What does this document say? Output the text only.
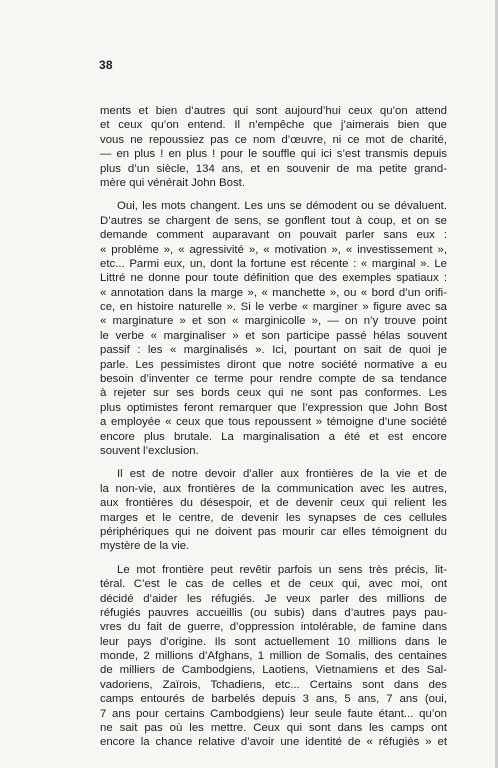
38
ments et bien d’autres qui sont aujourd’hui ceux qu’on attend
et ceux qu’on entend. Il n’empêche que j’aimerais bien que
vous ne repoussiez pas ce nom d’œuvre, ni ce mot de charité,
— en plus ! en plus ! pour le souffle qui ici s’est transmis depuis
plus d’un siècle, 134 ans, et en souvenir de ma petite grand-
mère qui vénérait John Bost.
Oui, les mots changent. Les uns se démodent ou se dévaluent.
D’autres se chargent de sens, se gonflent tout à coup, et on se
demande comment auparavant on pouvait parler sans eux :
« problème », « agressivité », « motivation », « investissement »,
etc... Parmi eux, un, dont la fortune est récente : « marginal ». Le
Littré ne donne pour toute définition que des exemples spatiaux :
« annotation dans la marge », « manchette », ou « bord d’un orifi-
ce, en histoire naturelle ». Si le verbe « marginer » figure avec sa
« marginature » et son « marginicolle », — on n’y trouve point
le verbe « marginaliser » et son participe passé hélas souvent
passif : les « marginalisés ». Ici, pourtant on sait de quoi je
parle. Les pessimistes diront que notre société normative a eu
besoin d’inventer ce terme pour rendre compte de sa tendance
à rejeter sur ses bords ceux qui ne sont pas conformes. Les
plus optimistes feront remarquer que l’expression que John Bost
a employée « ceux que tous repoussent » témoigne d’une société
encore plus brutale. La marginalisation a été et est encore
souvent l’exclusion.
Il est de notre devoir d’aller aux frontières de la vie et de
la non-vie, aux frontières de la communication avec les autres,
aux frontières du désespoir, et de devenir ceux qui relient les
marges et le centre, de devenir les synapses de ces cellules
périphériques qui ne doivent pas mourir car elles témoignent du
mystère de la vie.
Le mot frontière peut revêtir parfois un sens très précis, lit-
téral. C’est le cas de celles et de ceux qui, avec moi, ont
décidé d’aider les réfugiés. Je veux parler des millions de
réfugiés pauvres accueillis (ou subis) dans d’autres pays pau-
vres du fait de guerre, d’oppression intolérable, de famine dans
leur pays d’origine. Ils sont actuellement 10 millions dans le
monde, 2 millions d’Afghans, 1 million de Somalis, des centaines
de milliers de Cambodgiens, Laotiens, Vietnamiens et des Sal-
vadoriens, Zaïrois, Tchadiens, etc... Certains sont dans des
camps entourés de barbelés depuis 3 ans, 5 ans, 7 ans (oui,
7 ans pour certains Cambodgiens) leur seule faute étant... qu’on
ne sait pas où les mettre. Ceux qui sont dans les camps ont
encore la chance relative d’avoir une identité de « réfugiés » et
